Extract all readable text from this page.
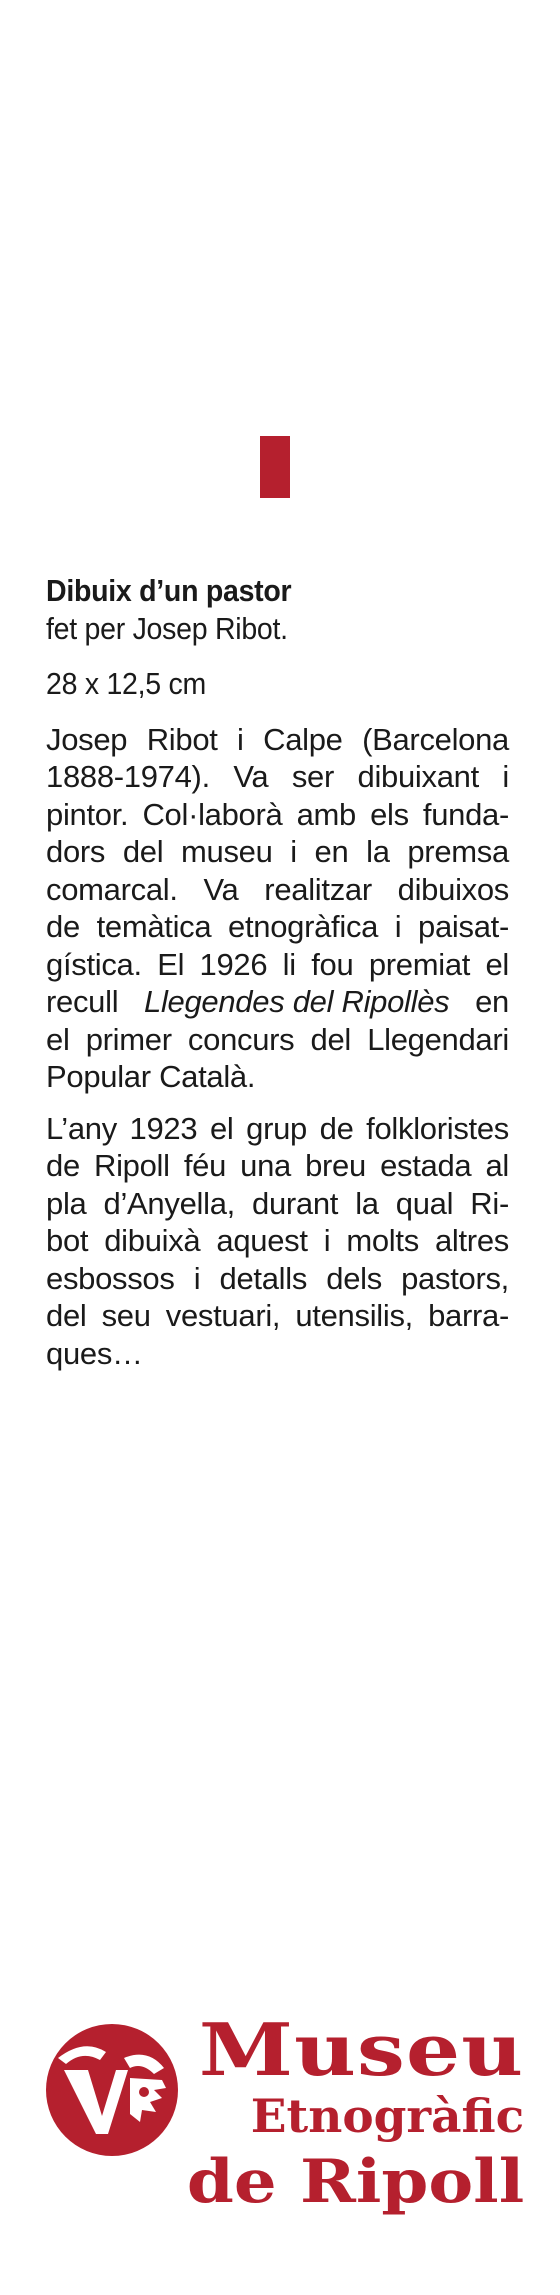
Dibuix d’un pastor

fet per Josep Ribot.

28 x 12,5 cm

Josep Ribot i Calpe (Barcelona
1888-1974). Va ser dibuixant i
pintor. Col·laborà amb els funda-
dors del museu i en la premsa
comarcal. Va realitzar dibuixos
de temàtica etnogràfica i paisat-
gística. El 1926 li fou premiat el
recull Llegendes del Ripollès en
el primer concurs del Llegendari
Popular Català.
L’any 1923 el grup de folkloristes
de Ripoll féu una breu estada al
pla d’Anyella, durant la qual Ri-
bot dibuixà aquest i molts altres
esbossos i detalls dels pastors,
del seu vestuari, utensilis, barra-
ques…
Museu
Etnogràfic
de Ripoll
